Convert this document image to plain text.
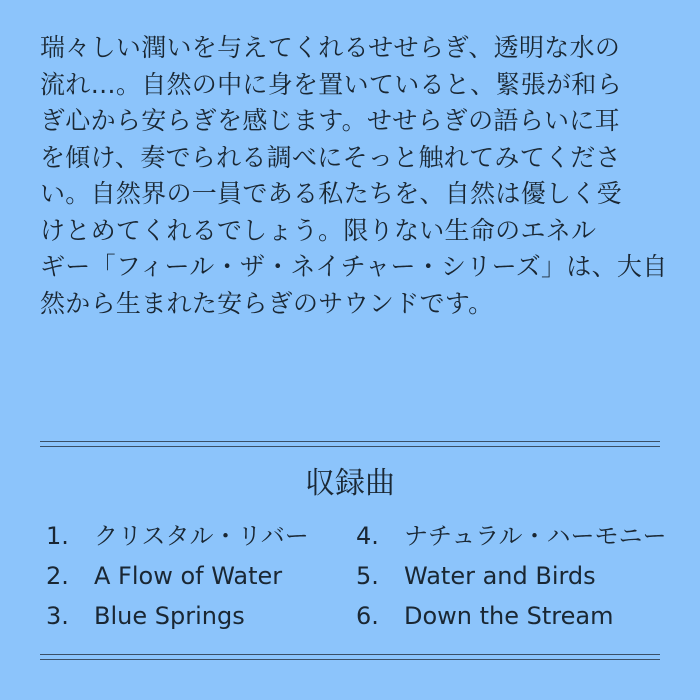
瑞々しい潤いを与えてくれるせせらぎ、透明な水の
流れ…。自然の中に身を置いていると、緊張が和ら
ぎ心から安らぎを感じます。せせらぎの語らいに耳
を傾け、奏でられる調べにそっと触れてみてくださ
い。自然界の一員である私たちを、自然は優しく受
けとめてくれるでしょう。限りない生命のエネル
ギー「フィール・ザ・ネイチャー・シリーズ」は、大自
然から生まれた安らぎのサウンドです。

収録曲
1. クリスタル・リバー
2. A Flow of Water
3. Blue Springs
4. ナチュラル・ハーモニー
5. Water and Birds
6. Down the Stream
